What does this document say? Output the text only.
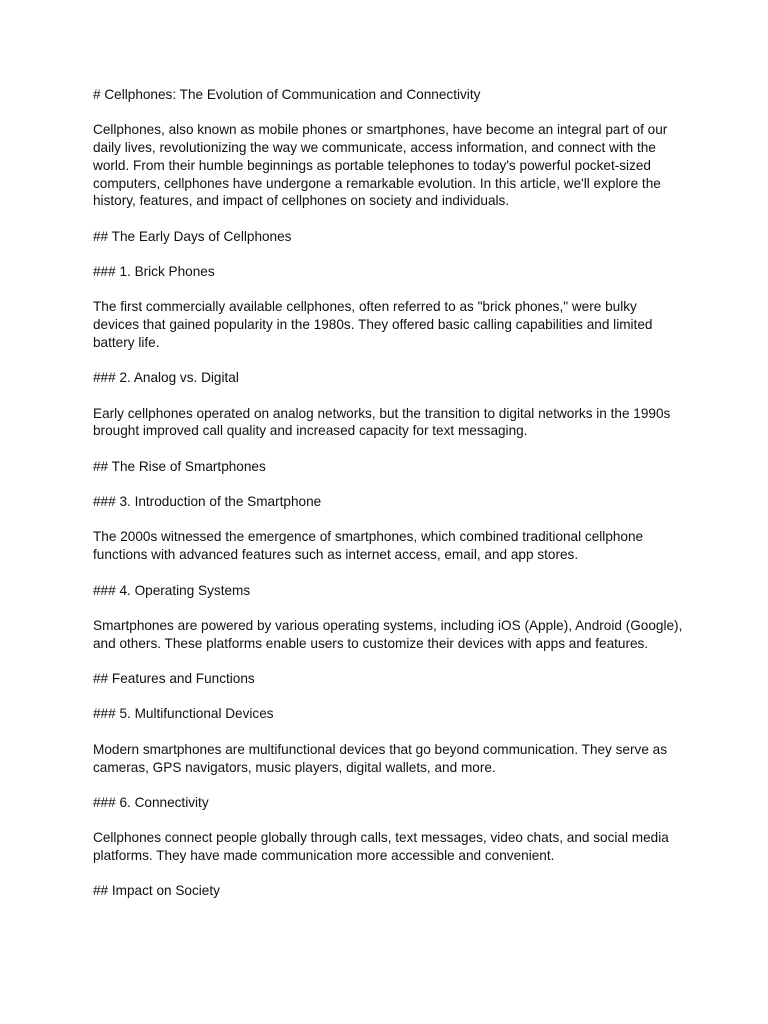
# Cellphones: The Evolution of Communication and Connectivity

Cellphones, also known as mobile phones or smartphones, have become an integral part of our daily lives, revolutionizing the way we communicate, access information, and connect with the world. From their humble beginnings as portable telephones to today's powerful pocket-sized computers, cellphones have undergone a remarkable evolution. In this article, we'll explore the history, features, and impact of cellphones on society and individuals.

## The Early Days of Cellphones

### 1. Brick Phones

The first commercially available cellphones, often referred to as "brick phones," were bulky devices that gained popularity in the 1980s. They offered basic calling capabilities and limited battery life.

### 2. Analog vs. Digital

Early cellphones operated on analog networks, but the transition to digital networks in the 1990s brought improved call quality and increased capacity for text messaging.

## The Rise of Smartphones

### 3. Introduction of the Smartphone

The 2000s witnessed the emergence of smartphones, which combined traditional cellphone functions with advanced features such as internet access, email, and app stores.

### 4. Operating Systems

Smartphones are powered by various operating systems, including iOS (Apple), Android (Google), and others. These platforms enable users to customize their devices with apps and features.

## Features and Functions

### 5. Multifunctional Devices

Modern smartphones are multifunctional devices that go beyond communication. They serve as cameras, GPS navigators, music players, digital wallets, and more.

### 6. Connectivity

Cellphones connect people globally through calls, text messages, video chats, and social media platforms. They have made communication more accessible and convenient.

## Impact on Society
